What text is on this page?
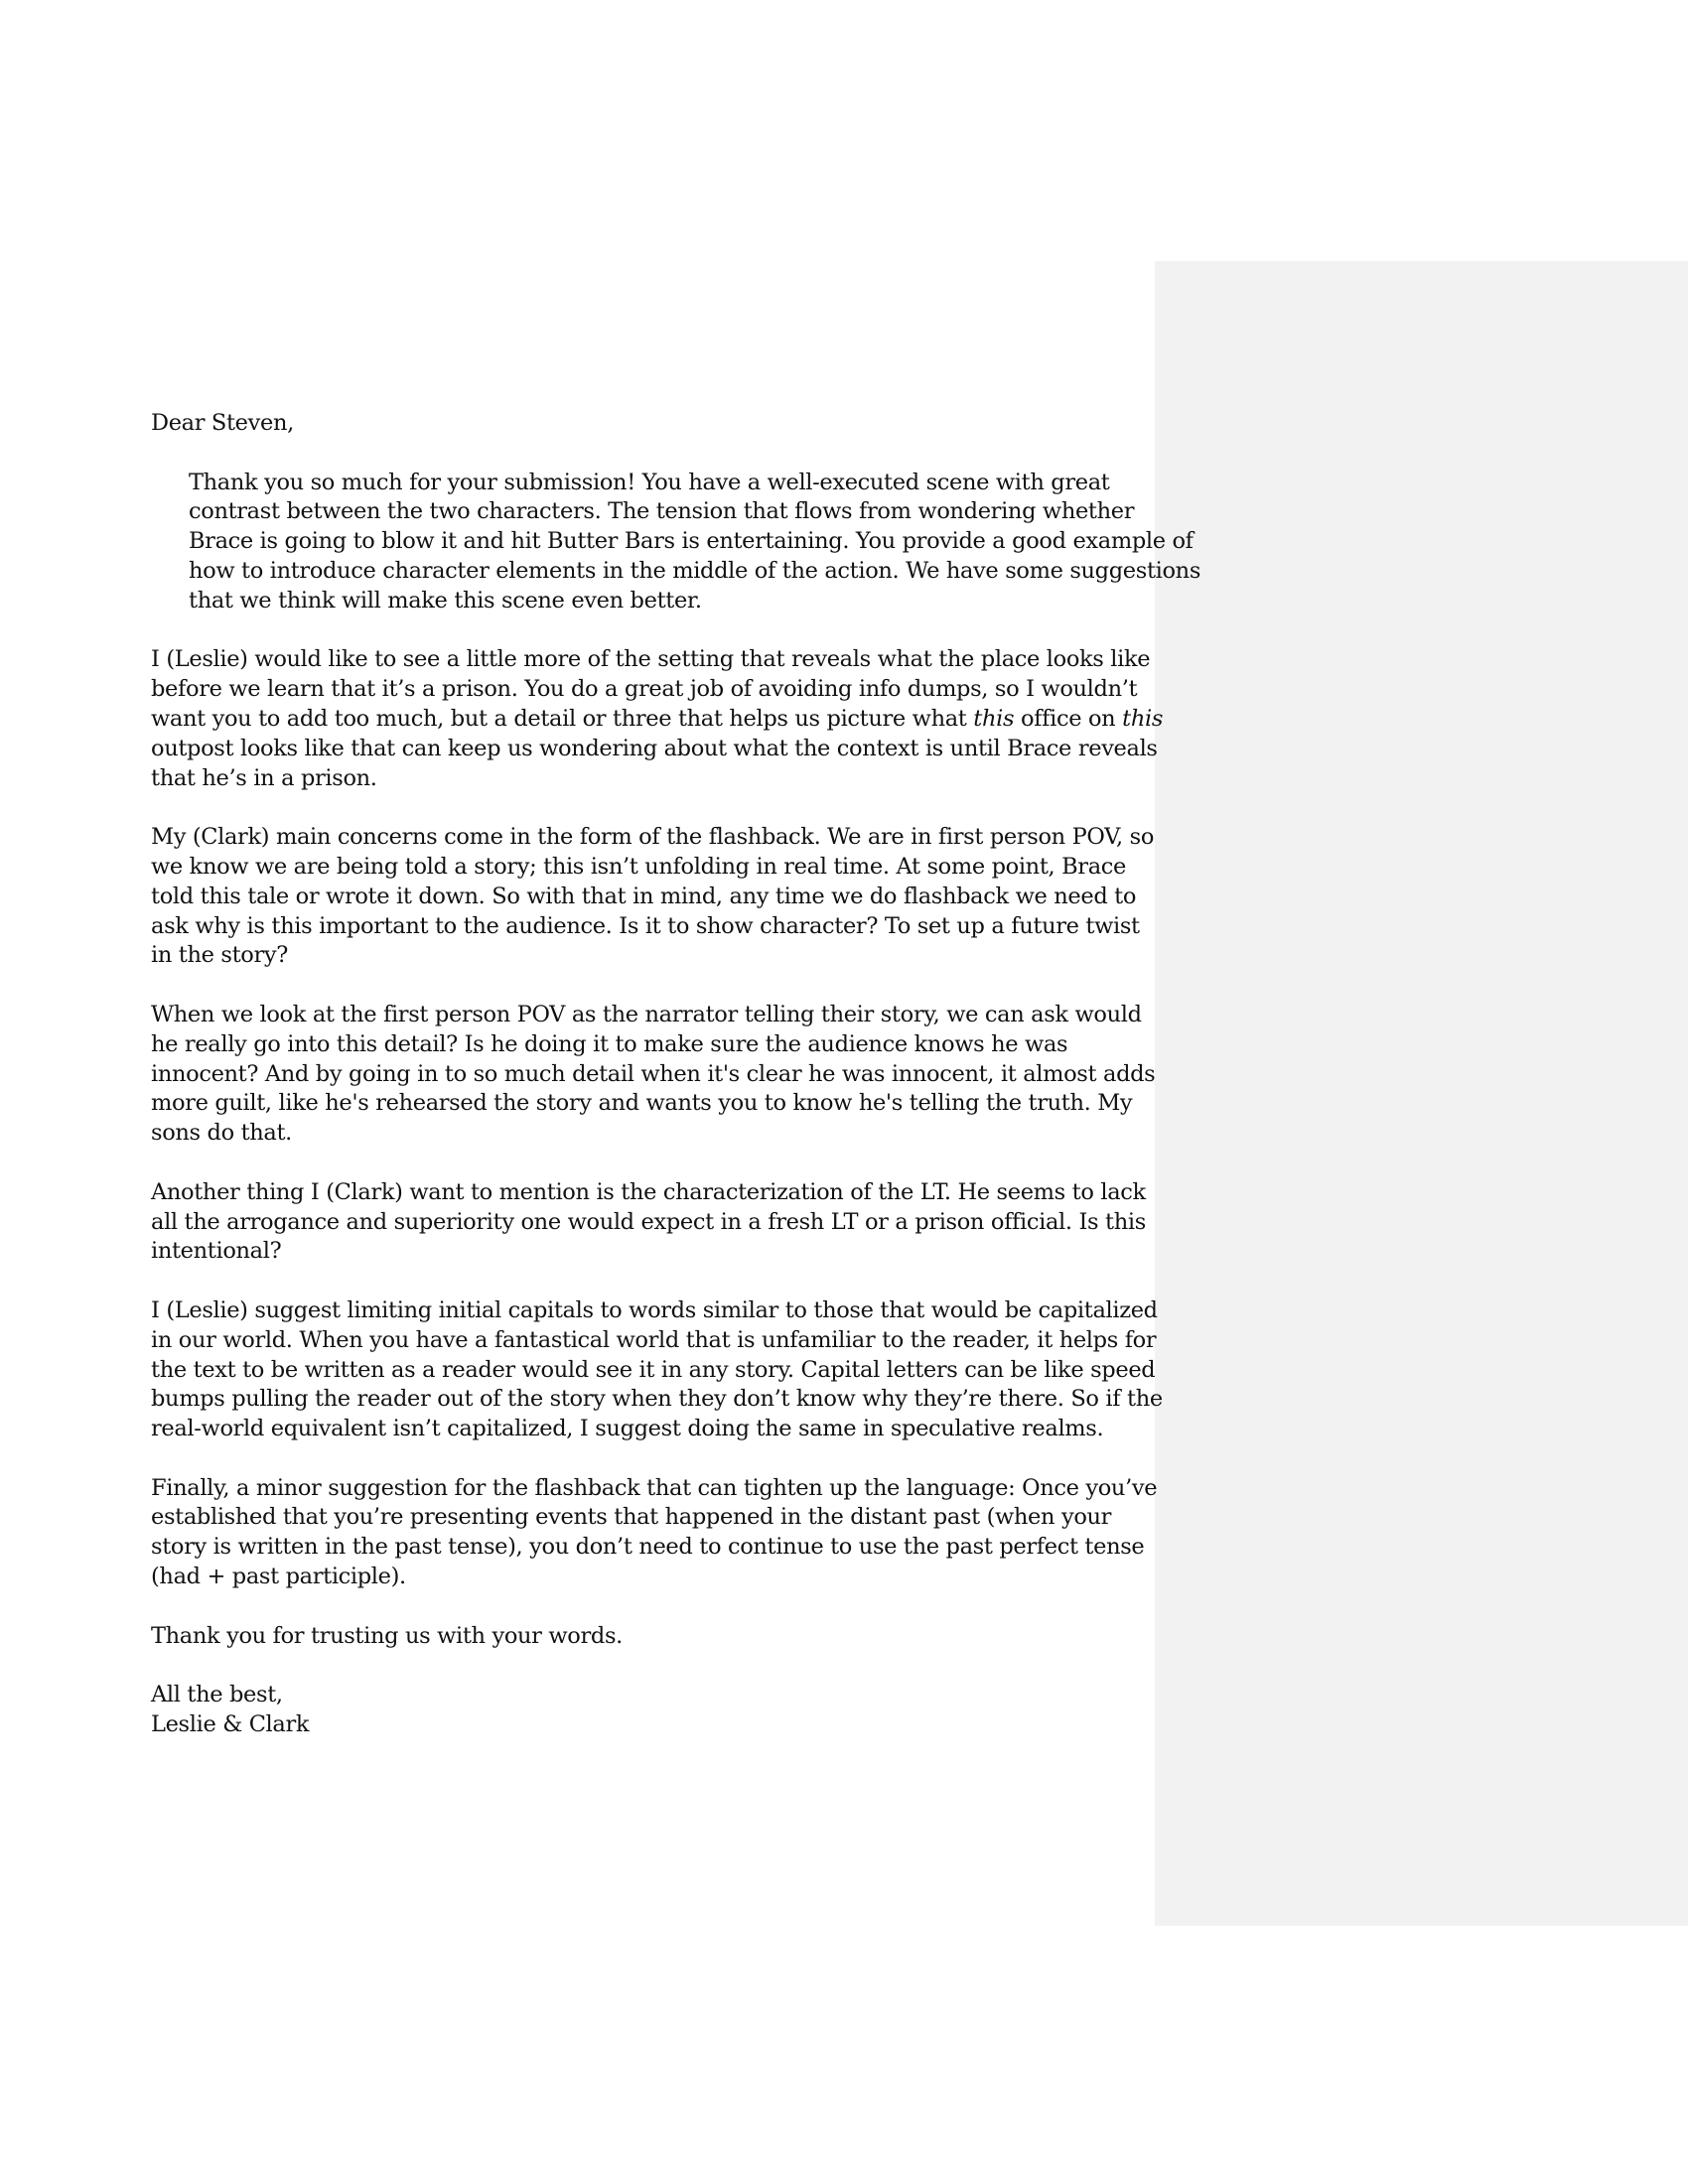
Dear Steven,

Thank you so much for your submission! You have a well-executed scene with great
contrast between the two characters. The tension that flows from wondering whether
Brace is going to blow it and hit Butter Bars is entertaining. You provide a good example of
how to introduce character elements in the middle of the action. We have some suggestions
that we think will make this scene even better.

I (Leslie) would like to see a little more of the setting that reveals what the place looks like
before we learn that it’s a prison. You do a great job of avoiding info dumps, so I wouldn’t
want you to add too much, but a detail or three that helps us picture what this office on this
outpost looks like that can keep us wondering about what the context is until Brace reveals
that he’s in a prison.

My (Clark) main concerns come in the form of the flashback. We are in first person POV, so
we know we are being told a story; this isn’t unfolding in real time. At some point, Brace
told this tale or wrote it down. So with that in mind, any time we do flashback we need to
ask why is this important to the audience. Is it to show character? To set up a future twist
in the story?

When we look at the first person POV as the narrator telling their story, we can ask would
he really go into this detail? Is he doing it to make sure the audience knows he was
innocent? And by going in to so much detail when it's clear he was innocent, it almost adds
more guilt, like he's rehearsed the story and wants you to know he's telling the truth. My
sons do that.

Another thing I (Clark) want to mention is the characterization of the LT. He seems to lack
all the arrogance and superiority one would expect in a fresh LT or a prison official. Is this
intentional?

I (Leslie) suggest limiting initial capitals to words similar to those that would be capitalized
in our world. When you have a fantastical world that is unfamiliar to the reader, it helps for
the text to be written as a reader would see it in any story. Capital letters can be like speed
bumps pulling the reader out of the story when they don’t know why they’re there. So if the
real-world equivalent isn’t capitalized, I suggest doing the same in speculative realms.

Finally, a minor suggestion for the flashback that can tighten up the language: Once you’ve
established that you’re presenting events that happened in the distant past (when your
story is written in the past tense), you don’t need to continue to use the past perfect tense
(had + past participle).

Thank you for trusting us with your words.

All the best,
Leslie & Clark
